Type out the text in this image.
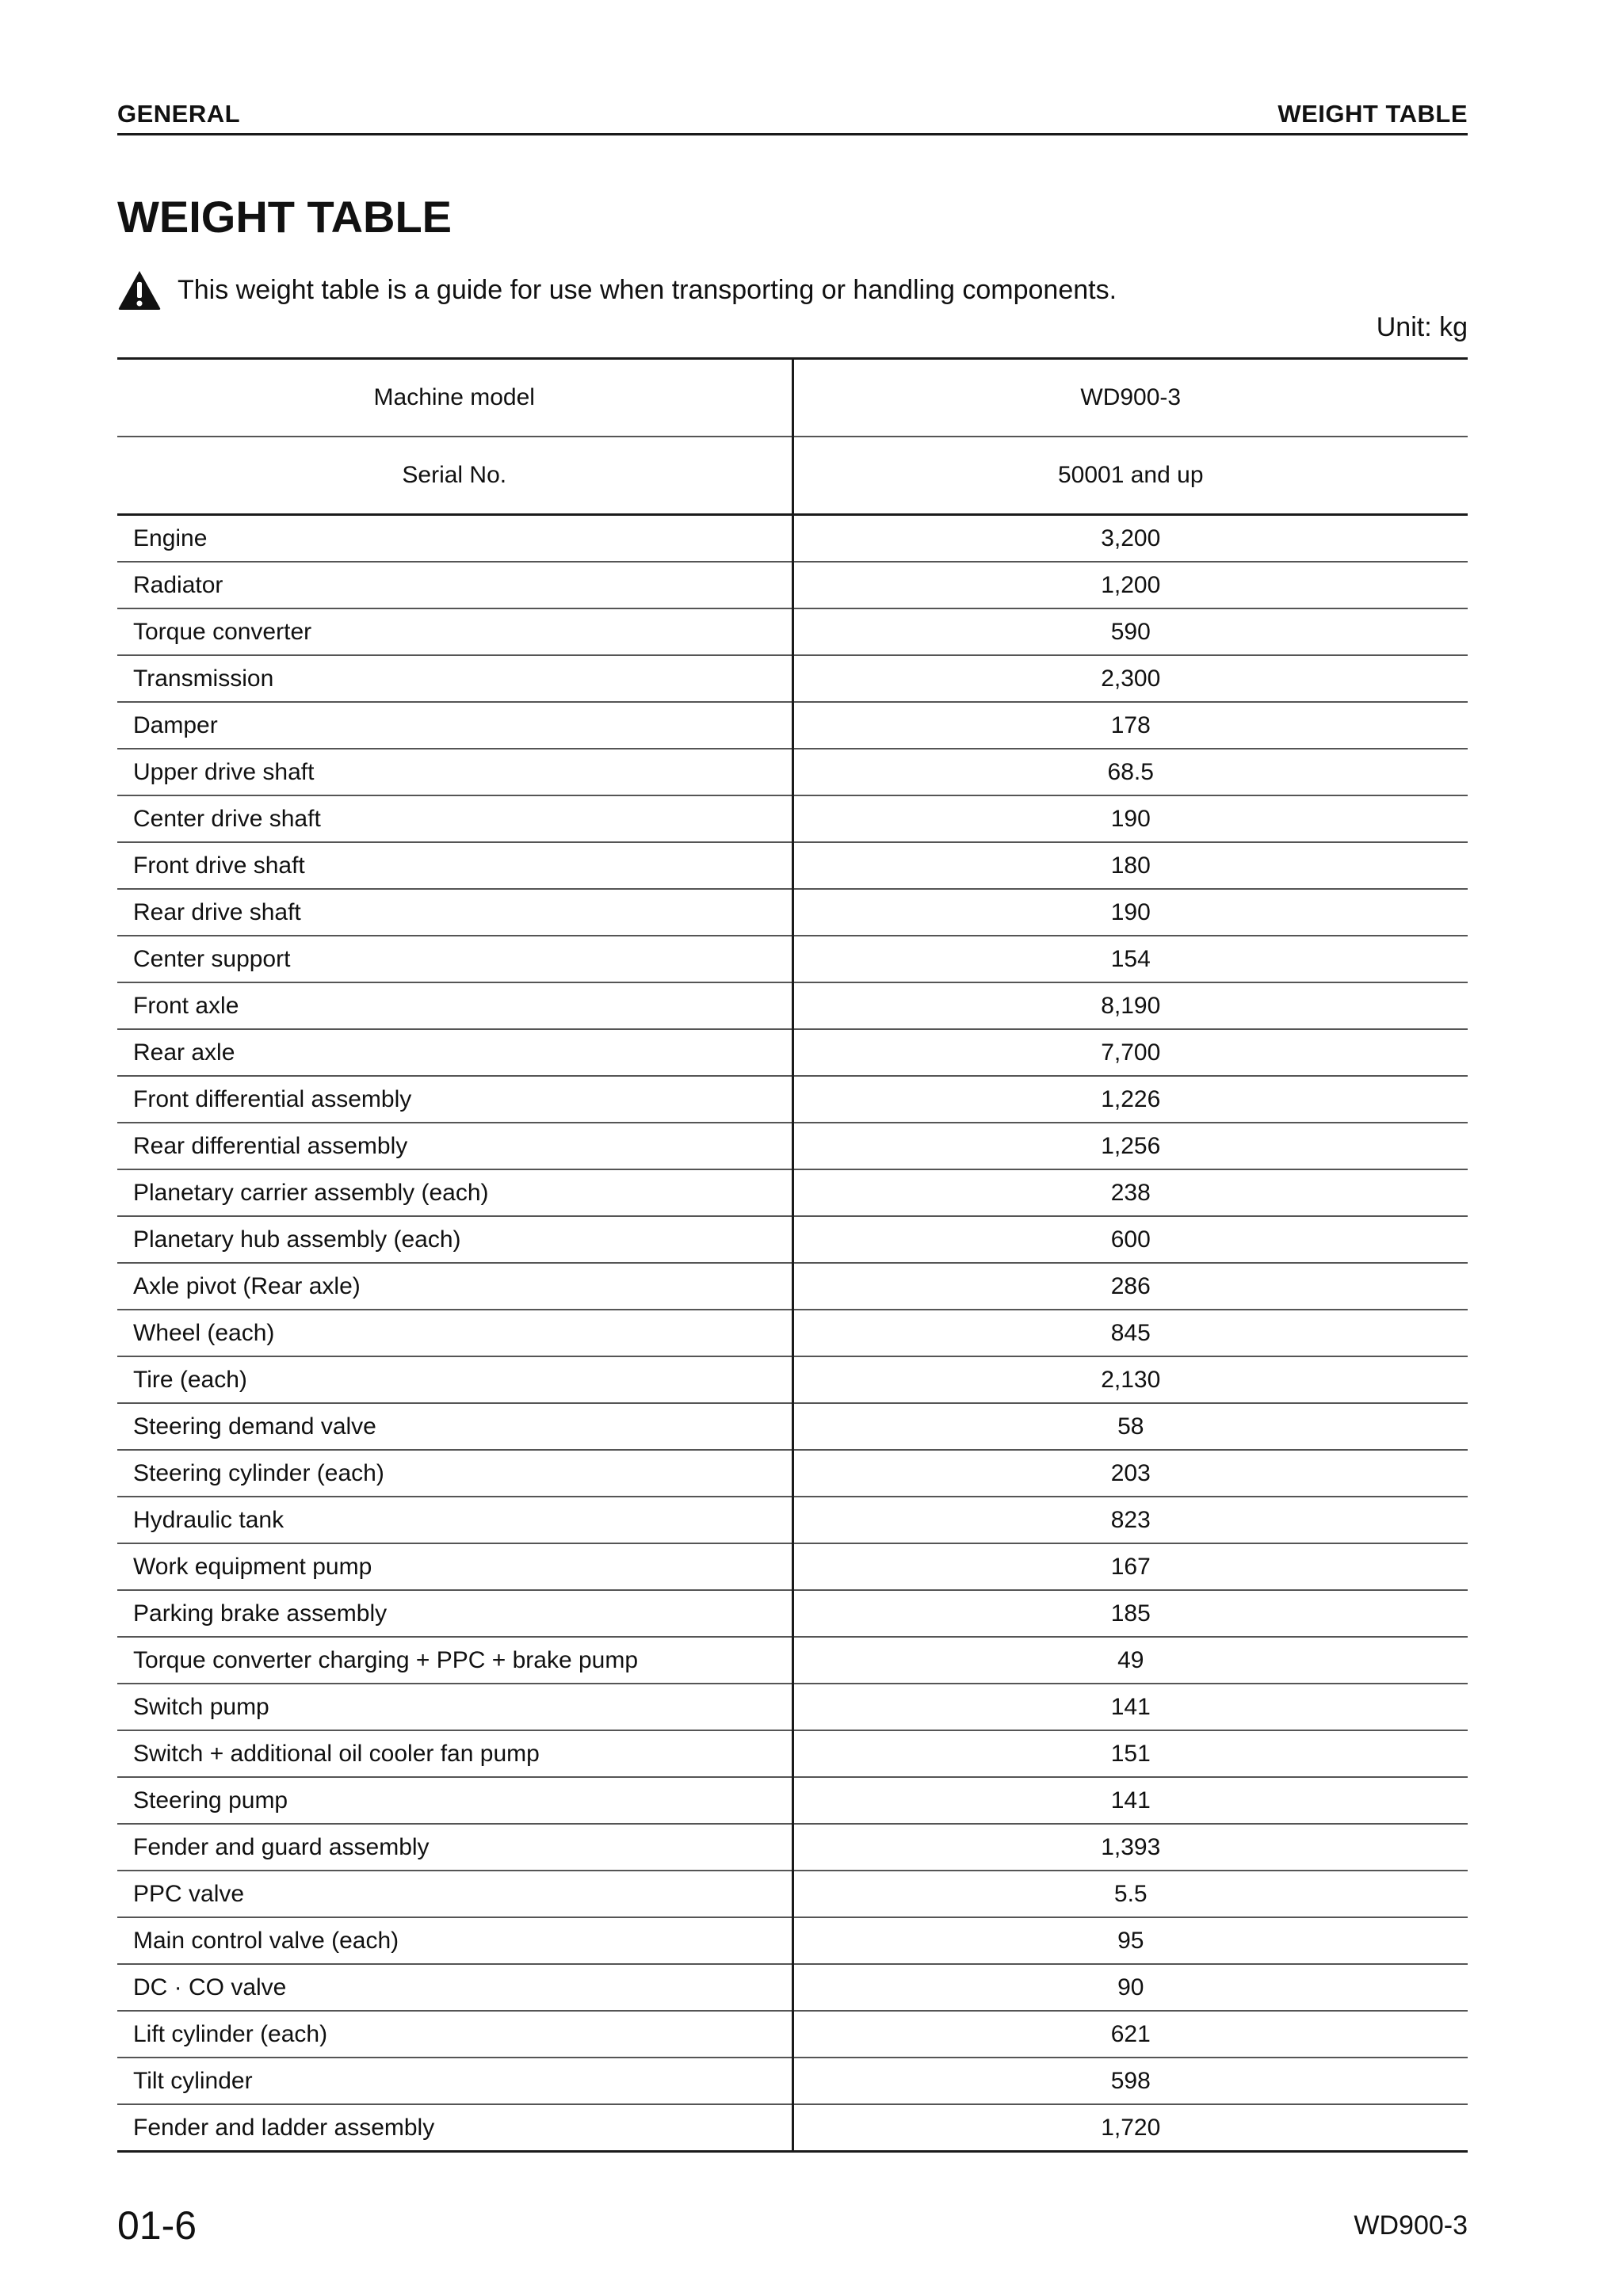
GENERAL	WEIGHT TABLE
WEIGHT TABLE
This weight table is a guide for use when transporting or handling components.
Unit: kg
Machine model	WD900-3
Serial No.	50001 and up
Engine	3,200
Radiator	1,200
Torque converter	590
Transmission	2,300
Damper	178
Upper drive shaft	68.5
Center drive shaft	190
Front drive shaft	180
Rear drive shaft	190
Center support	154
Front axle	8,190
Rear axle	7,700
Front differential assembly	1,226
Rear differential assembly	1,256
Planetary carrier assembly (each)	238
Planetary hub assembly (each)	600
Axle pivot (Rear axle)	286
Wheel (each)	845
Tire (each)	2,130
Steering demand valve	58
Steering cylinder (each)	203
Hydraulic tank	823
Work equipment pump	167
Parking brake assembly	185
Torque converter charging + PPC + brake pump	49
Switch pump	141
Switch + additional oil cooler fan pump	151
Steering pump	141
Fender and guard assembly	1,393
PPC valve	5.5
Main control valve (each)	95
DC · CO valve	90
Lift cylinder (each)	621
Tilt cylinder	598
Fender and ladder assembly	1,720
01-6	WD900-3
